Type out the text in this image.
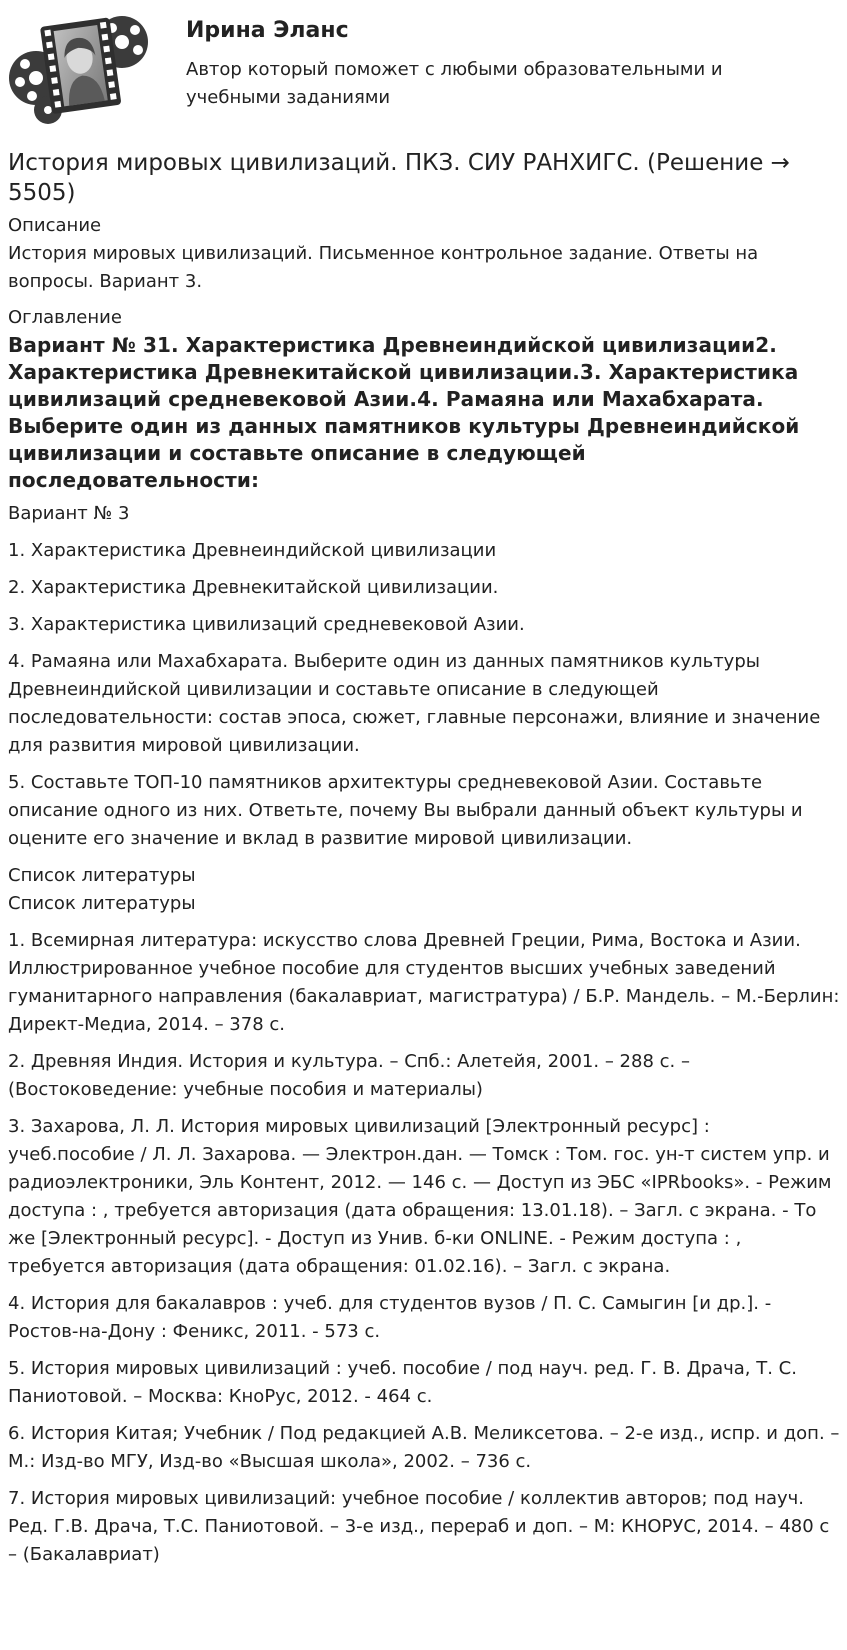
Ирина Эланс
Автор который поможет с любыми образовательными и учебными заданиями
История мировых цивилизаций. ПКЗ. СИУ РАНХИГС. (Решение → 5505)

Описание

История мировых цивилизаций. Письменное контрольное задание. Ответы на вопросы. Вариант 3.

Оглавление

Вариант № 31. Характеристика Древнеиндийской цивилизации2. Характеристика Древнекитайской цивилизации.3. Характеристика цивилизаций средневековой Азии.4. Рамаяна или Махабхарата. Выберите один из данных памятников культуры Древнеиндийской цивилизации и составьте описание в следующей последовательности:

Вариант № 3

1. Характеристика Древнеиндийской цивилизации

2. Характеристика Древнекитайской цивилизации.

3. Характеристика цивилизаций средневековой Азии.

4. Рамаяна или Махабхарата. Выберите один из данных памятников культуры Древнеиндийской цивилизации и составьте описание в следующей последовательности: состав эпоса, сюжет, главные персонажи, влияние и значение для развития мировой цивилизации.

5. Составьте ТОП-10 памятников архитектуры средневековой Азии. Составьте описание одного из них. Ответьте, почему Вы выбрали данный объект культуры и оцените его значение и вклад в развитие мировой цивилизации.

Список литературы

Список литературы

1. Всемирная литература: искусство слова Древней Греции, Рима, Востока и Азии. Иллюстрированное учебное пособие для студентов высших учебных заведений гуманитарного направления (бакалавриат, магистратура) / Б.Р. Мандель. – М.-Берлин: Директ-Медиа, 2014. – 378 с.

2. Древняя Индия. История и культура. – Спб.: Алетейя, 2001. – 288 с. – (Востоковедение: учебные пособия и материалы)

3. Захарова, Л. Л. История мировых цивилизаций [Электронный ресурс] : учеб.пособие / Л. Л. Захарова. — Электрон.дан. — Томск : Том. гос. ун-т систем упр. и радиоэлектроники, Эль Контент, 2012. — 146 с. — Доступ из ЭБС «IPRbooks». - Режим доступа : , требуется авторизация (дата обращения: 13.01.18). – Загл. с экрана. - То же [Электронный ресурс]. - Доступ из Унив. б-ки ONLINE. - Режим доступа : , требуется авторизация (дата обращения: 01.02.16). – Загл. с экрана.

4. История для бакалавров : учеб. для студентов вузов / П. С. Самыгин [и др.]. - Ростов-на-Дону : Феникс, 2011. - 573 с.

5. История мировых цивилизаций : учеб. пособие / под науч. ред. Г. В. Драча, Т. С. Паниотовой. – Москва: КноРус, 2012. - 464 с.

6. История Китая; Учебник / Под редакцией А.В. Меликсетова. – 2-е изд., испр. и доп. – М.: Изд-во МГУ, Изд-во «Высшая школа», 2002. – 736 с.

7. История мировых цивилизаций: учебное пособие / коллектив авторов; под науч. Ред. Г.В. Драча, Т.С. Паниотовой. – 3-е изд., перераб и доп. – М: КНОРУС, 2014. – 480 с – (Бакалавриат)
